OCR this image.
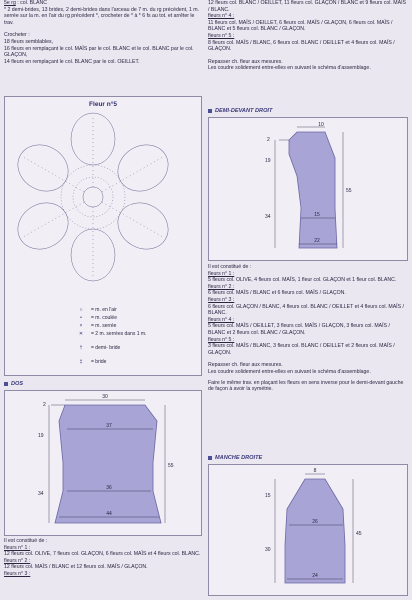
5e rg : col. BLANC

* 2 demi-brides, 13 brides, 2 demi-brides dans l'arceau de 7 m. du rg précédent, 1 m. serrée sur la m. en l'air du rg précédent *, crocheter de * à * 6 fs au tot. et arrêter le trav.

Crocheter :

18 fleurs semblables,

16 fleurs en remplaçant le col. MAÏS par le col. BLANC et le col. BLANC par le col. GLAÇON,

14 fleurs en remplaçant le col. BLANC par le col. OEILLET.

Fleur n°5
○	= m. en l'air
•	= m. coulée
×	= m. serrée
✕	= 2 m. serrées dans 1 m.
†	= demi- bride
‡	= bride
DOS
30
2
37
36
44
19
34
55

Il est constitué de :

fleurs n° 1 :

12 fleurs col. OLIVE, 7 fleurs col. GLAÇON, 6 fleurs col. MAÏS et 4 fleurs col. BLANC.

fleurs n° 2 :

12 fleurs col. MAÏS / BLANC et 12 fleurs col. MAÏS / GLAÇON.

fleurs n° 3 :

12 fleurs col. BLANC / OEILLET, 11 fleurs col. GLAÇON / BLANC et 9 fleurs col. MAÏS / BLANC.

fleurs n° 4 :

11 fleurs col. MAÏS / OEILLET, 6 fleurs col. MAÏS / GLAÇON, 6 fleurs col. MAÏS / BLANC et 5 fleurs col. BLANC / GLAÇON.

fleurs n° 5 :

8 fleurs col. MAÏS / BLANC, 6 fleurs col. BLANC / OEILLET et 4 fleurs col. MAÏS / GLAÇON.

Repasser ch. fleur aux mesures.

Les coudre solidement entre-elles en suivant le schéma d'assemblage.

DEMI-DEVANT DROIT
10
2
19
55
34	15
22

Il est constitué de :

fleurs n° 1 :

5 fleurs col. OLIVE, 4 fleurs col. MAÏS, 1 fleur col. GLAÇON et 1 fleur col. BLANC.

fleurs n° 2 :

6 fleurs col. MAÏS / BLANC et 6 fleurs col. MAÏS / GLAÇON.

fleurs n° 3 :

6 fleurs col. GLAÇON / BLANC, 4 fleurs col. BLANC / OEILLET et 4 fleurs col. MAÏS / BLANC.

fleurs n° 4 :

5 fleurs col. MAÏS / OEILLET, 3 fleurs col. MAÏS / GLAÇON, 3 fleurs col. MAÏS / BLANC et 2 fleurs col. BLANC / GLAÇON.

fleurs n° 5 :

3 fleurs col. MAÏS / BLANC, 3 fleurs col. BLANC / OEILLET et 2 fleurs col. MAÏS / GLAÇON.

Repasser ch. fleur aux mesures.

Les coudre solidement entre-elles en suivant le schéma d'assemblage.

Faire le même trav. en plaçant les fleurs en sens inverse pour le demi-devant gauche de façon à avoir la symétrie.

MANCHE DROITE
8
15
26
45
30
24
